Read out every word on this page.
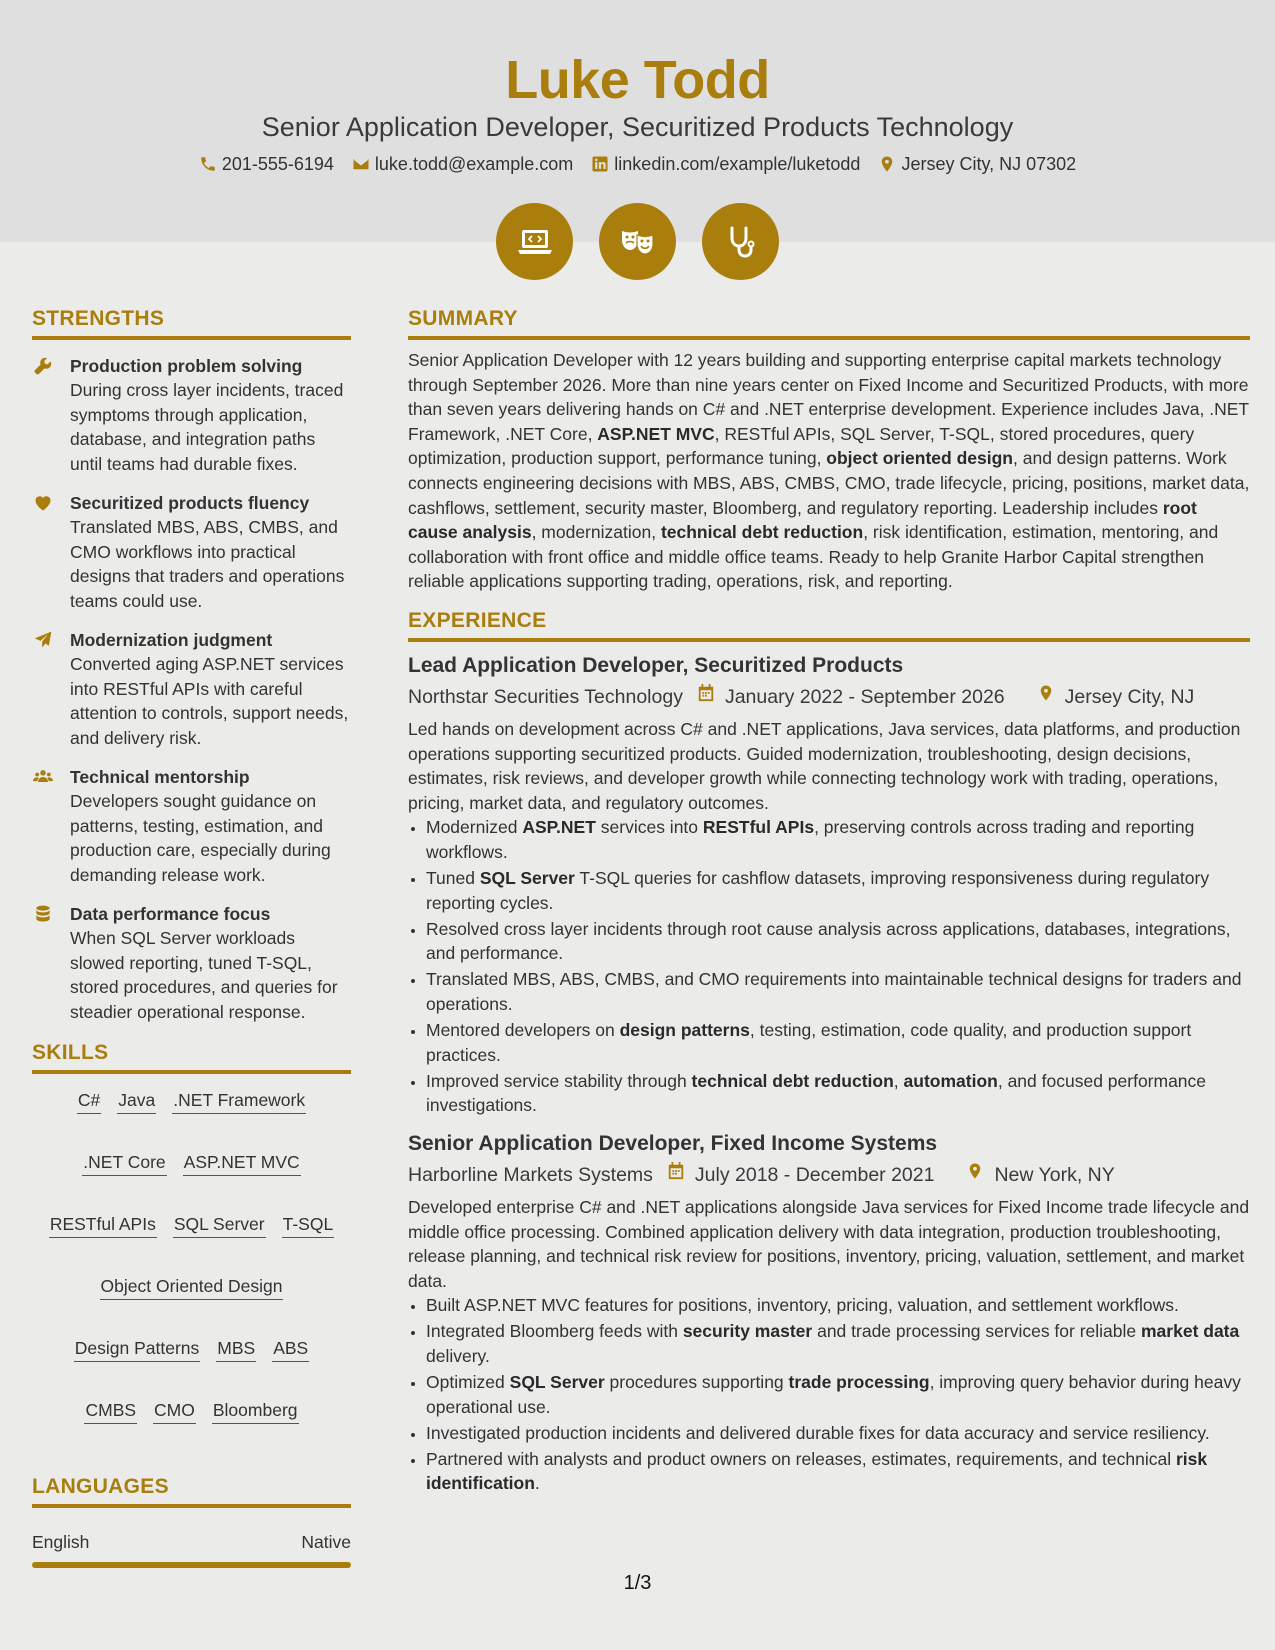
Luke Todd
Senior Application Developer, Securitized Products Technology
201-555-6194 luke.todd@example.com linkedin.com/example/luketodd Jersey City, NJ 07302
STRENGTHS
Production problem solving
During cross layer incidents, traced symptoms through application, database, and integration paths until teams had durable fixes.
Securitized products fluency
Translated MBS, ABS, CMBS, and CMO workflows into practical designs that traders and operations teams could use.
Modernization judgment
Converted aging ASP.NET services into RESTful APIs with careful attention to controls, support needs, and delivery risk.
Technical mentorship
Developers sought guidance on patterns, testing, estimation, and production care, especially during demanding release work.
Data performance focus
When SQL Server workloads slowed reporting, tuned T-SQL, stored procedures, and queries for steadier operational response.
SKILLS
C# Java .NET Framework
.NET Core ASP.NET MVC
RESTful APIs SQL Server T-SQL
Object Oriented Design
Design Patterns MBS ABS
CMBS CMO Bloomberg
LANGUAGES
English	Native
SUMMARY
Senior Application Developer with 12 years building and supporting enterprise capital markets technology through September 2026. More than nine years center on Fixed Income and Securitized Products, with more than seven years delivering hands on C# and .NET enterprise development. Experience includes Java, .NET Framework, .NET Core, ASP.NET MVC, RESTful APIs, SQL Server, T-SQL, stored procedures, query optimization, production support, performance tuning, object oriented design, and design patterns. Work connects engineering decisions with MBS, ABS, CMBS, CMO, trade lifecycle, pricing, positions, market data, cashflows, settlement, security master, Bloomberg, and regulatory reporting. Leadership includes root cause analysis, modernization, technical debt reduction, risk identification, estimation, mentoring, and collaboration with front office and middle office teams. Ready to help Granite Harbor Capital strengthen reliable applications supporting trading, operations, risk, and reporting.
EXPERIENCE
Lead Application Developer, Securitized Products
Northstar Securities Technology January 2022 - September 2026	Jersey City, NJ
Led hands on development across C# and .NET applications, Java services, data platforms, and production operations supporting securitized products. Guided modernization, troubleshooting, design decisions, estimates, risk reviews, and developer growth while connecting technology work with trading, operations, pricing, market data, and regulatory outcomes.
• Modernized ASP.NET services into RESTful APIs, preserving controls across trading and reporting workflows.
• Tuned SQL Server T-SQL queries for cashflow datasets, improving responsiveness during regulatory reporting cycles.
• Resolved cross layer incidents through root cause analysis across applications, databases, integrations, and performance.
• Translated MBS, ABS, CMBS, and CMO requirements into maintainable technical designs for traders and operations.
• Mentored developers on design patterns, testing, estimation, code quality, and production support practices.
• Improved service stability through technical debt reduction, automation, and focused performance investigations.
Senior Application Developer, Fixed Income Systems
Harborline Markets Systems July 2018 - December 2021	New York, NY
Developed enterprise C# and .NET applications alongside Java services for Fixed Income trade lifecycle and middle office processing. Combined application delivery with data integration, production troubleshooting, release planning, and technical risk review for positions, inventory, pricing, valuation, settlement, and market data.
• Built ASP.NET MVC features for positions, inventory, pricing, valuation, and settlement workflows.
• Integrated Bloomberg feeds with security master and trade processing services for reliable market data delivery.
• Optimized SQL Server procedures supporting trade processing, improving query behavior during heavy operational use.
• Investigated production incidents and delivered durable fixes for data accuracy and service resiliency.
• Partnered with analysts and product owners on releases, estimates, requirements, and technical risk identification.
1/3
